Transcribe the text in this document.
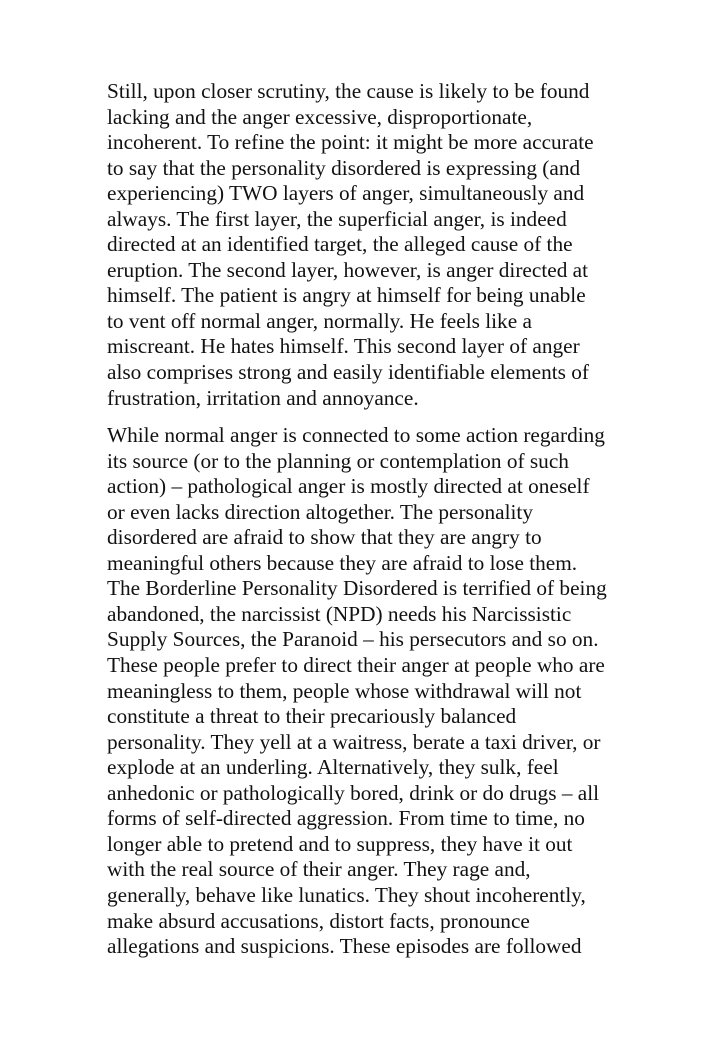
Still, upon closer scrutiny, the cause is likely to be found
lacking and the anger excessive, disproportionate,
incoherent. To refine the point: it might be more accurate
to say that the personality disordered is expressing (and
experiencing) TWO layers of anger, simultaneously and
always. The first layer, the superficial anger, is indeed
directed at an identified target, the alleged cause of the
eruption. The second layer, however, is anger directed at
himself. The patient is angry at himself for being unable
to vent off normal anger, normally. He feels like a
miscreant. He hates himself. This second layer of anger
also comprises strong and easily identifiable elements of
frustration, irritation and annoyance.
While normal anger is connected to some action regarding
its source (or to the planning or contemplation of such
action) – pathological anger is mostly directed at oneself
or even lacks direction altogether. The personality
disordered are afraid to show that they are angry to
meaningful others because they are afraid to lose them.
The Borderline Personality Disordered is terrified of being
abandoned, the narcissist (NPD) needs his Narcissistic
Supply Sources, the Paranoid – his persecutors and so on.
These people prefer to direct their anger at people who are
meaningless to them, people whose withdrawal will not
constitute a threat to their precariously balanced
personality. They yell at a waitress, berate a taxi driver, or
explode at an underling. Alternatively, they sulk, feel
anhedonic or pathologically bored, drink or do drugs – all
forms of self-directed aggression. From time to time, no
longer able to pretend and to suppress, they have it out
with the real source of their anger. They rage and,
generally, behave like lunatics. They shout incoherently,
make absurd accusations, distort facts, pronounce
allegations and suspicions. These episodes are followed
